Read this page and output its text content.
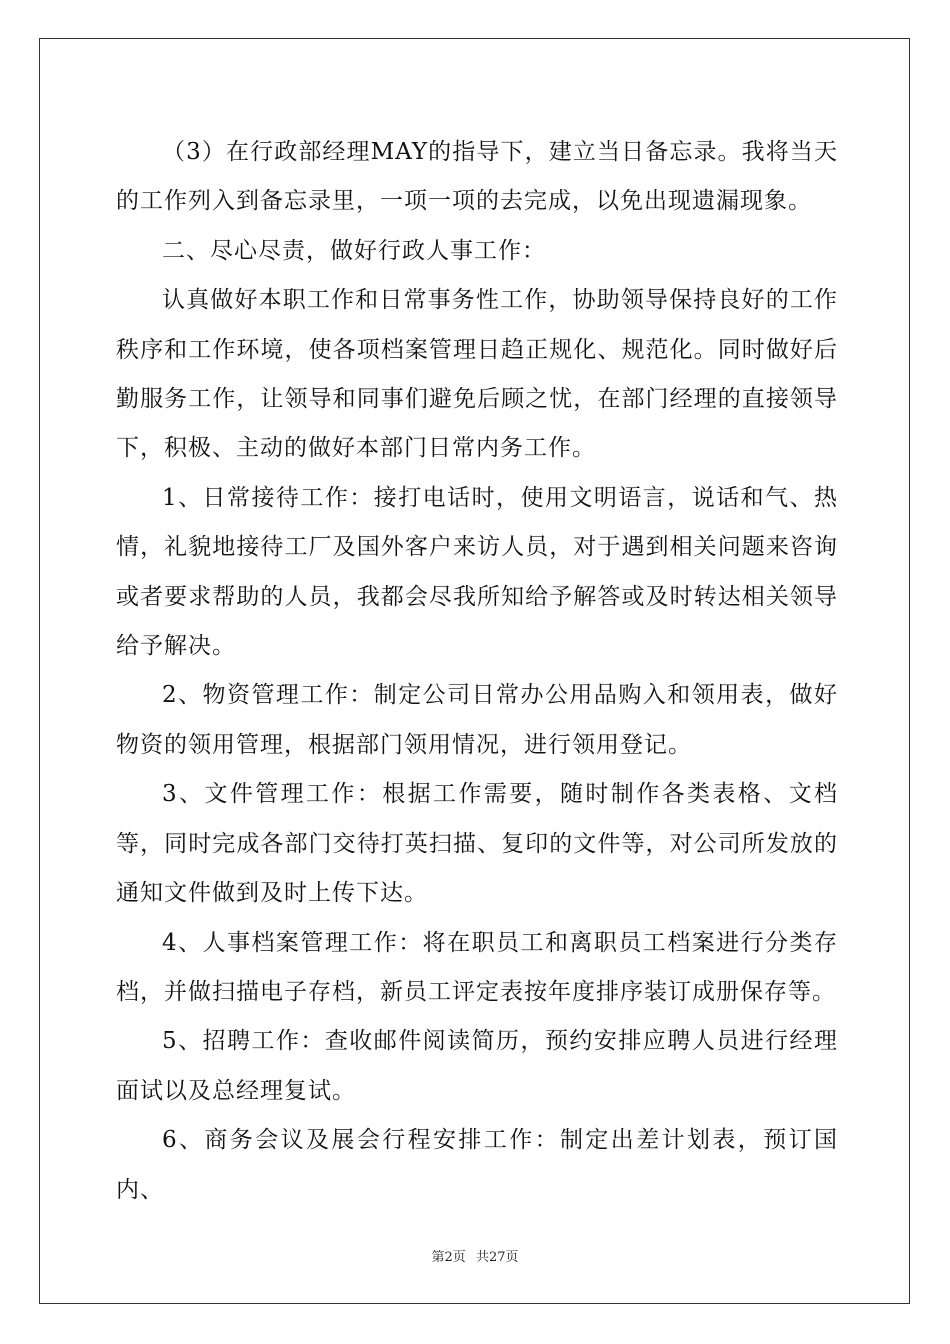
（3）在行政部经理MAY的指导下，建立当日备忘录。我将当天的工作列入到备忘录里，一项一项的去完成，以免出现遗漏现象。

二、尽心尽责，做好行政人事工作：

认真做好本职工作和日常事务性工作，协助领导保持良好的工作秩序和工作环境，使各项档案管理日趋正规化、规范化。同时做好后勤服务工作，让领导和同事们避免后顾之忧，在部门经理的直接领导下，积极、主动的做好本部门日常内务工作。

1、日常接待工作：接打电话时，使用文明语言，说话和气、热情，礼貌地接待工厂及国外客户来访人员，对于遇到相关问题来咨询或者要求帮助的人员，我都会尽我所知给予解答或及时转达相关领导给予解决。

2、物资管理工作：制定公司日常办公用品购入和领用表，做好物资的领用管理，根据部门领用情况，进行领用登记。

3、文件管理工作：根据工作需要，随时制作各类表格、文档等，同时完成各部门交待打英扫描、复印的文件等，对公司所发放的通知文件做到及时上传下达。

4、人事档案管理工作：将在职员工和离职员工档案进行分类存档，并做扫描电子存档，新员工评定表按年度排序装订成册保存等。

5、招聘工作：查收邮件阅读简历，预约安排应聘人员进行经理面试以及总经理复试。

6、商务会议及展会行程安排工作：制定出差计划表，预订国内、

第2页 共27页
